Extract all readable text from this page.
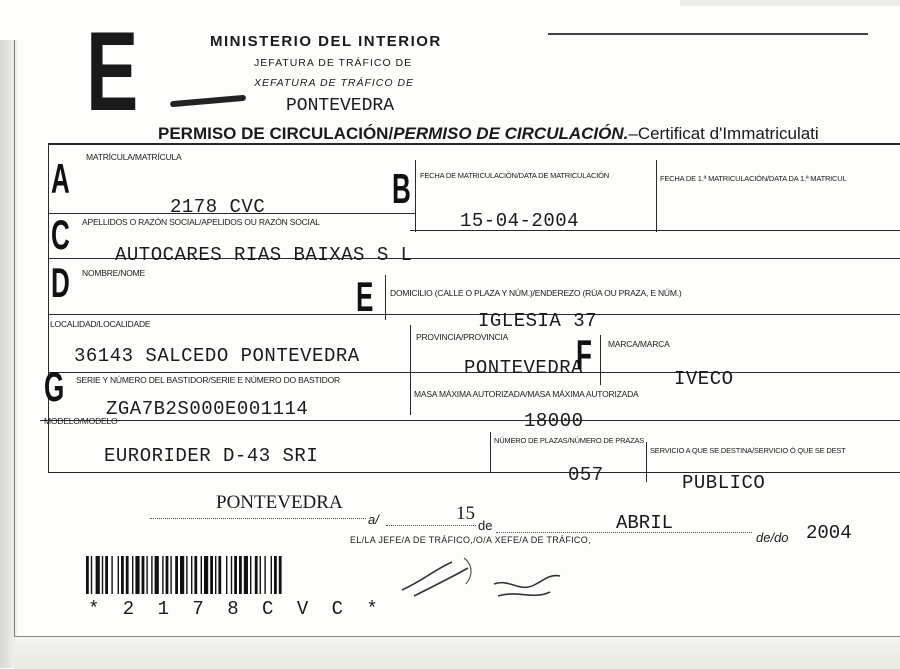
E	MINISTERIO DEL INTERIOR
JEFATURA DE TRÁFICO DE
XEFATURA DE TRÁFICO DE
PONTEVEDRA
PERMISO DE CIRCULACIÓN/PERMISO DE CIRCULACIÓN.–Certificat d'Immatriculati
A MATRÍCULA/MATRÍCULA
2178 CVC	B FECHA DE MATRICULACIÓN/DATA DE MATRICULACIÓN
15-04-2004
FECHA DE 1.ª MATRICULACIÓN/DATA DA 1.ª MATRICUL
C APELLIDOS O RAZÓN SOCIAL/APELIDOS OU RAZÓN SOCIAL
AUTOCARES RIAS BAIXAS S L
D NOMBRE/NOME	E DOMICILIO (CALLE O PLAZA Y NÚM.)/ENDEREZO (RÚA OU PRAZA, E NÚM.)
IGLESIA 37
LOCALIDAD/LOCALIDADE
36143 SALCEDO PONTEVEDRA
PROVINCIA/PROVINCIA
PONTEVEDRA
F MARCA/MARCA
IVECO
G SERIE Y NÚMERO DEL BASTIDOR/SERIE E NÚMERO DO BASTIDOR
ZGA7B2S000E001114
MASA MÁXIMA AUTORIZADA/MASA MÁXIMA AUTORIZADA
18000
MODELO/MODELO
EURORIDER D-43 SRI
NÚMERO DE PLAZAS/NÚMERO DE PRAZAS
057
SERVICIO A QUE SE DESTINA/SERVICIO Ó QUE SE DEST
PUBLICO
PONTEVEDRA
a/	15
de	ABRIL
de/do 2004
EL/LA JEFE/A DE TRÁFICO,/O/A XEFE/A DE TRÁFICO,
* 2 1 7 8 C V C *
